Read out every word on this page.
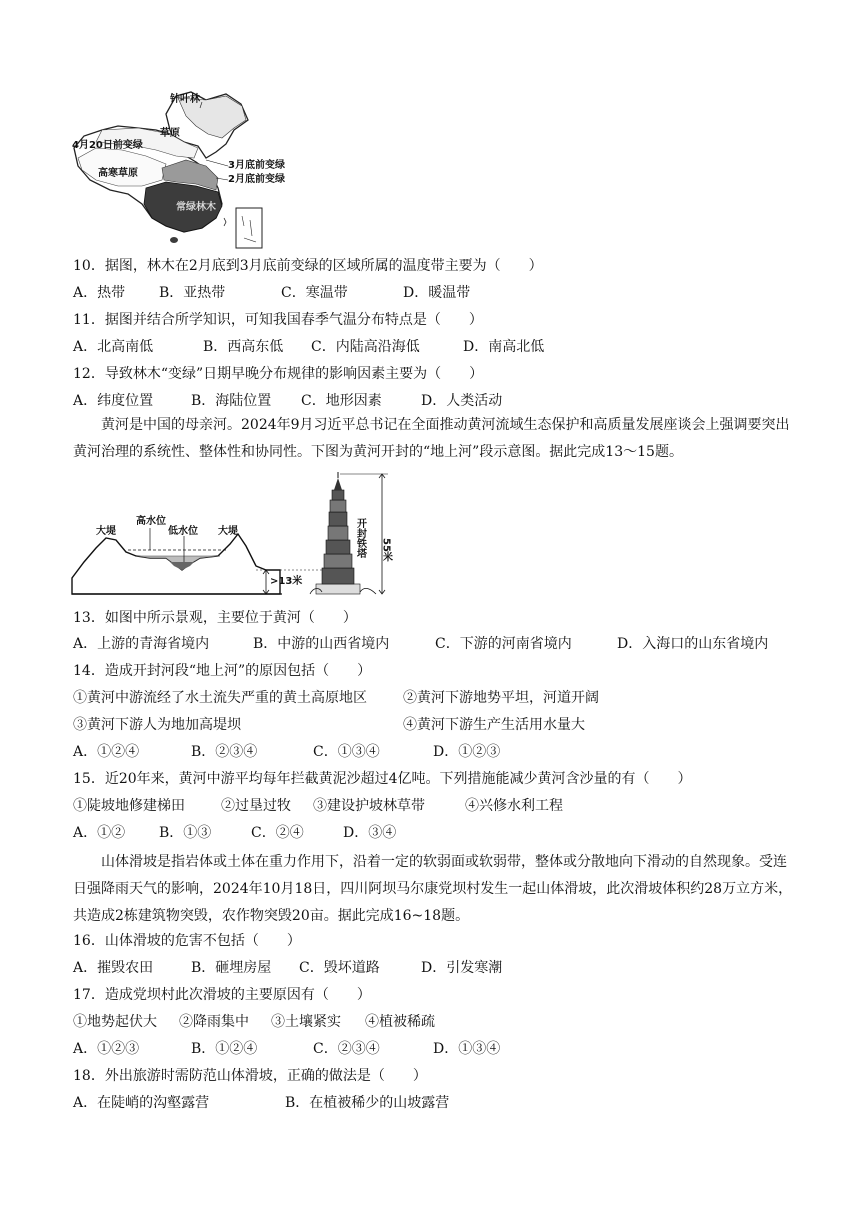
针叶林
草原
4月20日前变绿
高寒草原
3月底前变绿
2月底前变绿
常绿林木
10．据图，林木在2月底到3月底前变绿的区域所属的温度带主要为（　　）
A．热带 B．亚热带	C．寒温带	D．暖温带
11．据图并结合所学知识，可知我国春季气温分布特点是（　　）
A．北高南低	B．西高东低 C．内陆高沿海低	D．南高北低
12．导致林木“变绿”日期早晚分布规律的影响因素主要为（　　）
A．纬度位置	B．海陆位置 C．地形因素	D．人类活动
黄河是中国的母亲河。2024年9月习近平总书记在全面推动黄河流域生态保护和高质量发展座谈会上强调要突出黄河治理的系统性、整体性和协同性。下图为黄河开封的“地上河”段示意图。据此完成13～15题。
大堤
高水位
低水位 大堤
>13米
55米
开封铁塔
13．如图中所示景观，主要位于黄河（　　）
A．上游的青海省境内	B．中游的山西省境内	C．下游的河南省境内	D．入海口的山东省境内
14．造成开封河段“地上河”的原因包括（　　）
①黄河中游流经了水土流失严重的黄土高原地区	②黄河下游地势平坦，河道开阔
③黄河下游人为地加高堤坝	④黄河下游生产生活用水量大
A．①②④	B．②③④	C．①③④	D．①②③
15．近20年来，黄河中游平均每年拦截黄泥沙超过4亿吨。下列措施能减少黄河含沙量的有（　　）
①陡坡地修建梯田	②过垦过牧 ③建设护坡林草带	④兴修水利工程
A．①② B．①③	C．②④	D．③④
山体滑坡是指岩体或土体在重力作用下，沿着一定的软弱面或软弱带，整体或分散地向下滑动的自然现象。受连日强降雨天气的影响，2024年10月18日，四川阿坝马尔康党坝村发生一起山体滑坡，此次滑坡体积约28万立方米，共造成2栋建筑物突毁，农作物突毁20亩。据此完成16~18题。
16．山体滑坡的危害不包括（　　）
A．摧毁农田	B．砸埋房屋 C．毁坏道路	D．引发寒潮
17．造成党坝村此次滑坡的主要原因有（　　）
①地势起伏大 ②降雨集中 ③土壤紧实 ④植被稀疏
A．①②③	B．①②④	C．②③④	D．①③④
18．外出旅游时需防范山体滑坡，正确的做法是（　　）
A．在陡峭的沟壑露营	B．在植被稀少的山坡露营
